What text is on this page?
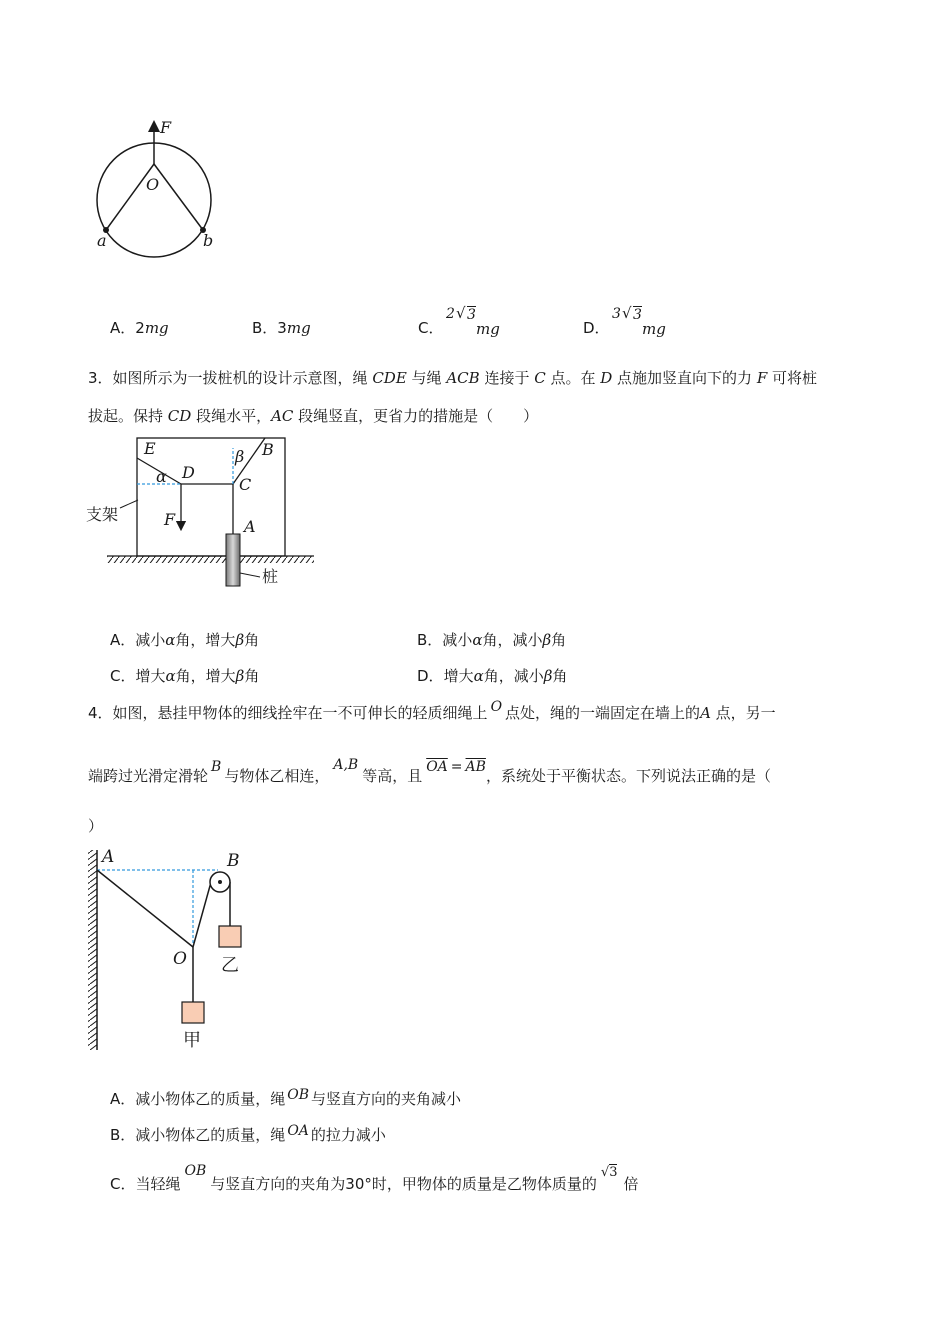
F
O
a	b
A．2mg	B．3mg	C．
2 √ 3
mg	D．
3 √ 3
mg
3．如图所示为一拔桩机的设计示意图，绳 CDE 与绳 ACB 连接于 C 点。在 D 点施加竖直向下的力 F 可将桩
拔起。保持 CD 段绳水平，AC 段绳竖直，更省力的措施是（　　）
E	B
D
C
A
α
β
F
支架
桩
A．减小α角，增大β角	B．减小α角，减小β角
C．增大α角，增大β角	D．增大α角，减小β角
4．如图，悬挂甲物体的细线拴牢在一不可伸长的轻质细绳上 O 点处，绳的一端固定在墙上的A 点，另一
端跨过光滑定滑轮 B 与物体乙相连，A,B等高，且 $\overline{OA} = \overline{AB}$，系统处于平衡状态。下列说法正确的是（
）
A	B
O 乙
甲
A．减小物体乙的质量，绳 OB 与竖直方向的夹角减小
B．减小物体乙的质量，绳 OA 的拉力减小
C．当轻绳OB与竖直方向的夹角为30°时，甲物体的质量是乙物体质量的√3倍
